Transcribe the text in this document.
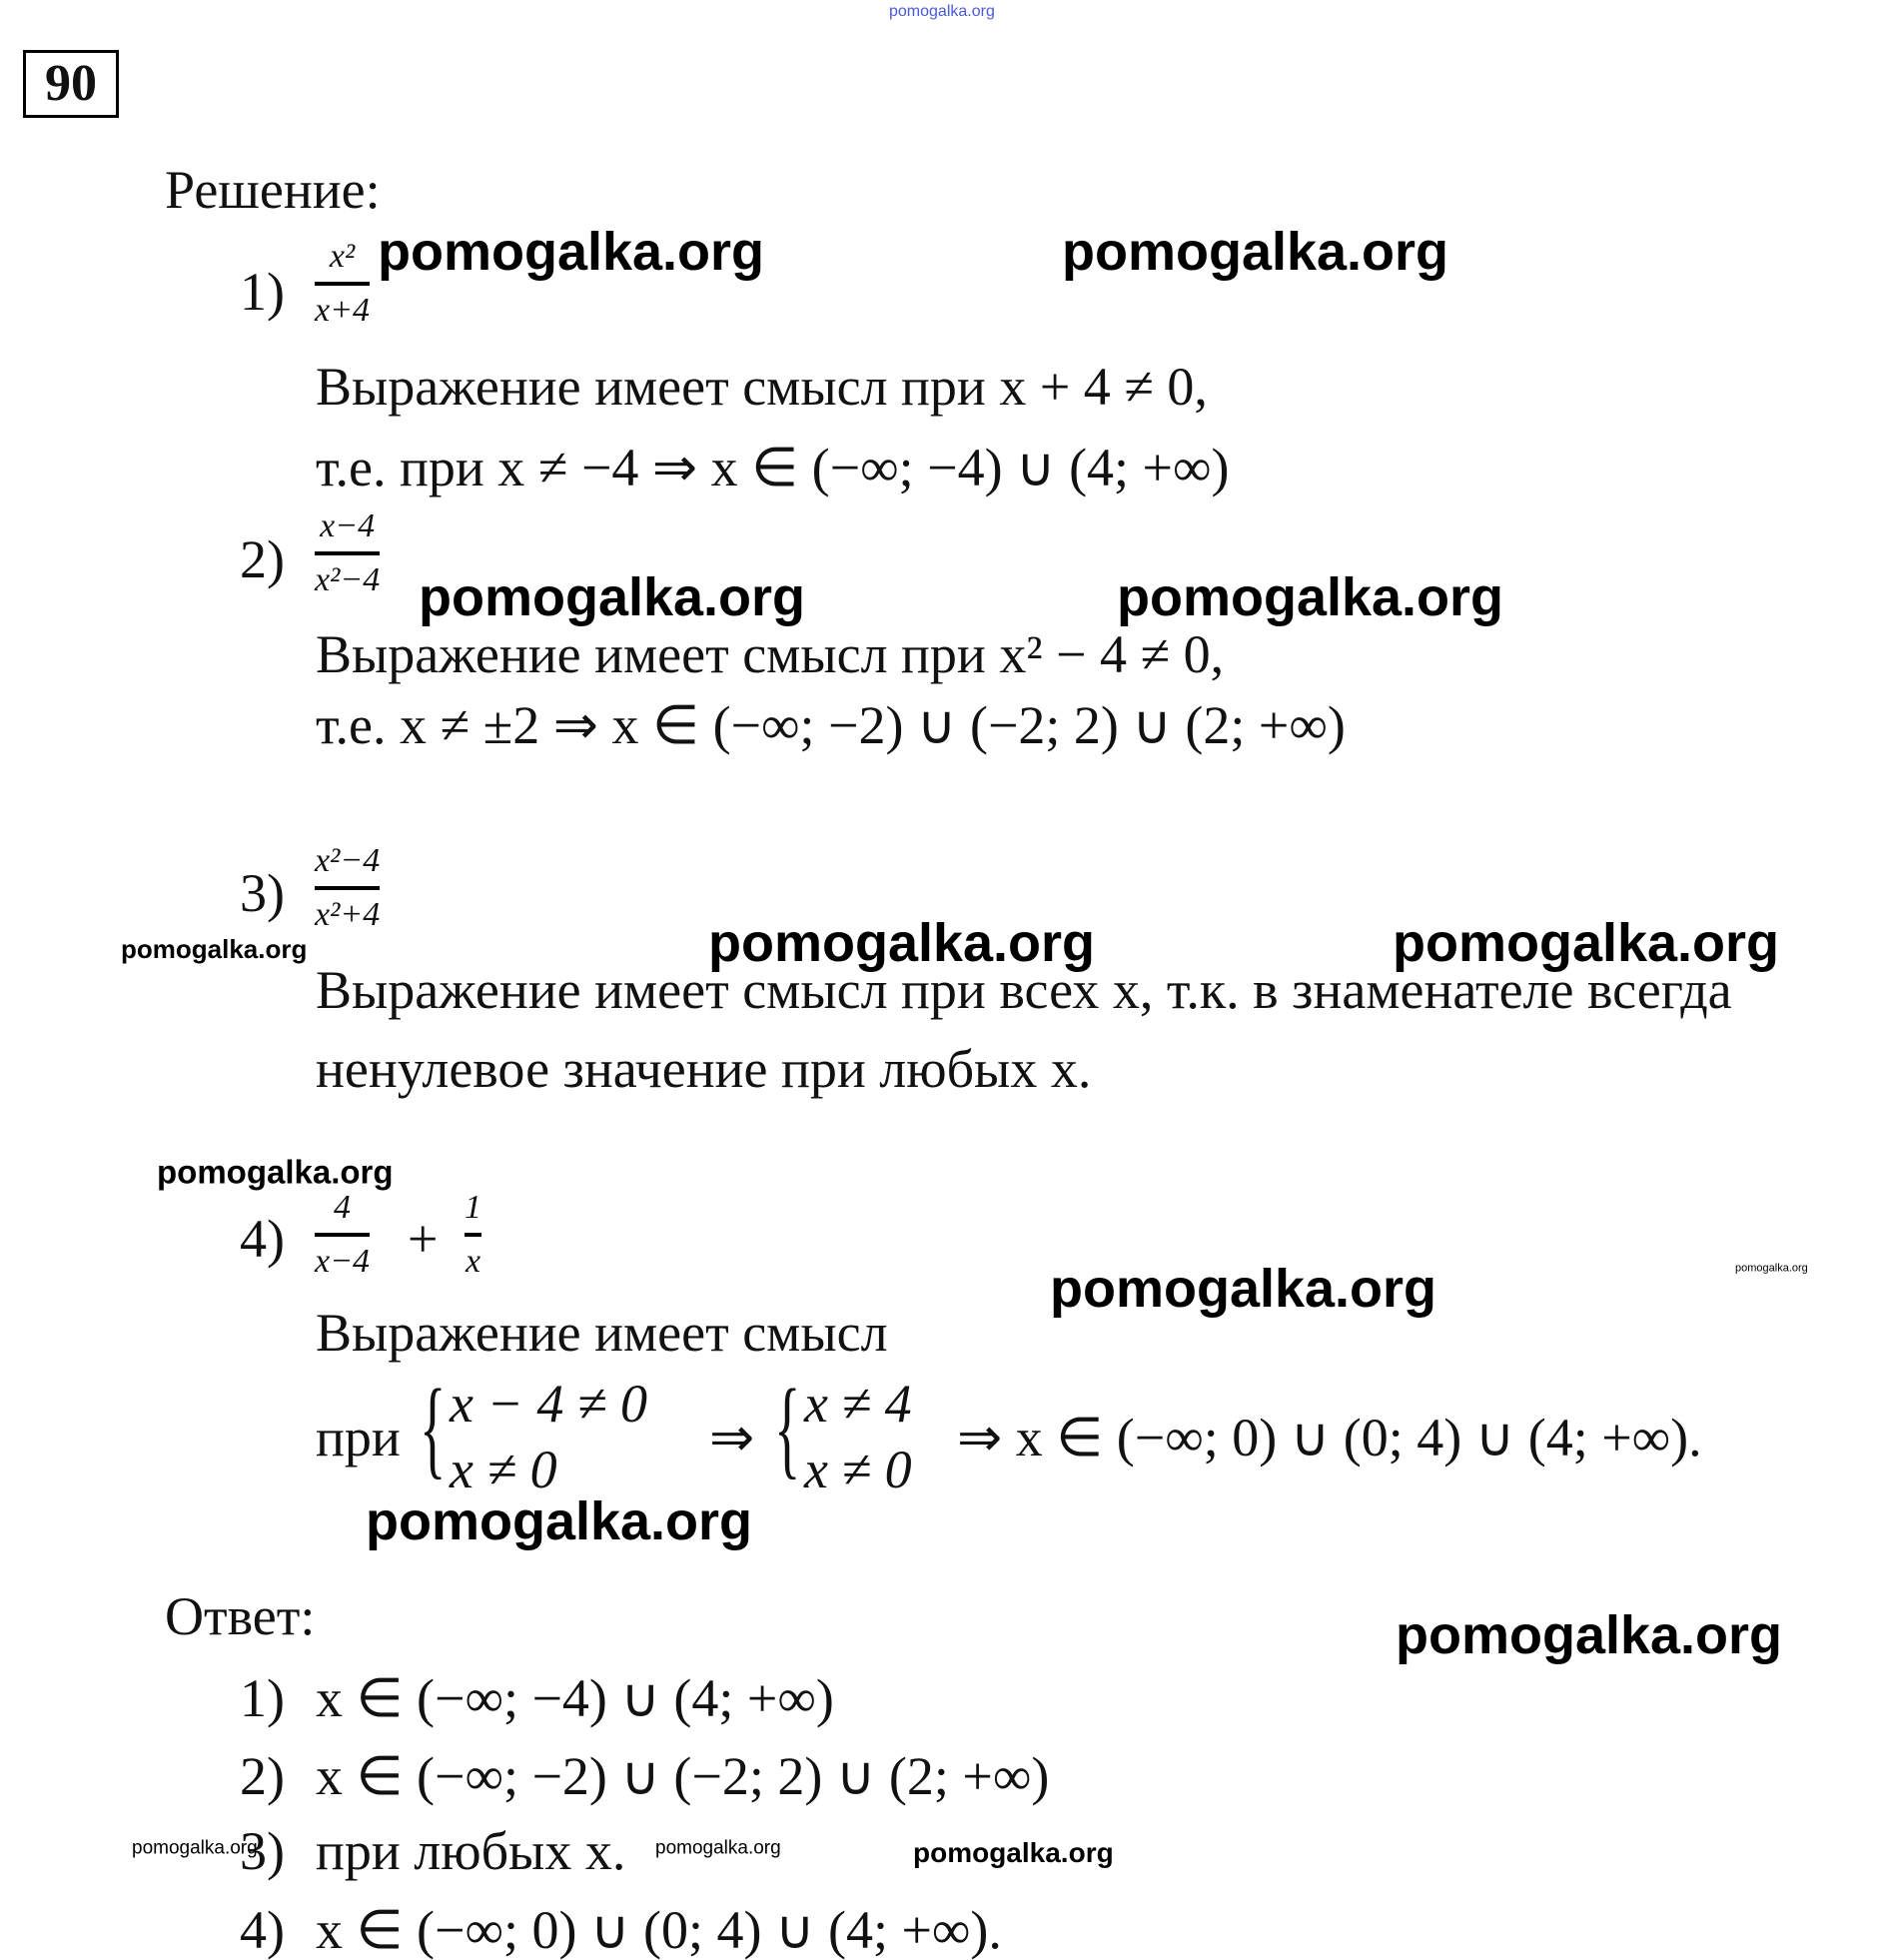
pomogalka.org
90
Решение:
1)
x²
x+4
Выражение имеет смысл при x + 4 ≠ 0,
т.е. при x ≠ −4 ⇒ x ∈ (−∞; −4) ∪ (4; +∞)
2)
x−4
x²−4
Выражение имеет смысл при x² − 4 ≠ 0,
т.е. x ≠ ±2 ⇒ x ∈ (−∞; −2) ∪ (−2; 2) ∪ (2; +∞)
3)
x²−4
x²+4
Выражение имеет смысл при всех x, т.к. в знаменателе всегда
ненулевое значение при любых x.
4)
4
x−4 +
1
x
Выражение имеет смысл
при { x − 4 ≠ 0
x ≠ 0
⇒ { x ≠ 4
x ≠ 0
⇒ x ∈ (−∞; 0) ∪ (0; 4) ∪ (4; +∞).
Ответ:
1) x ∈ (−∞; −4) ∪ (4; +∞)
2) x ∈ (−∞; −2) ∪ (−2; 2) ∪ (2; +∞)
3) при любых x.
4) x ∈ (−∞; 0) ∪ (0; 4) ∪ (4; +∞).
pomogalka.org	pomogalka.org
pomogalka.org	pomogalka.org
pomogalka.org	pomogalka.org	pomogalka.org
pomogalka.org
pomogalka.org	pomogalka.org
pomogalka.org
pomogalka.org
pomogalka.org	pomogalka.org	pomogalka.org
